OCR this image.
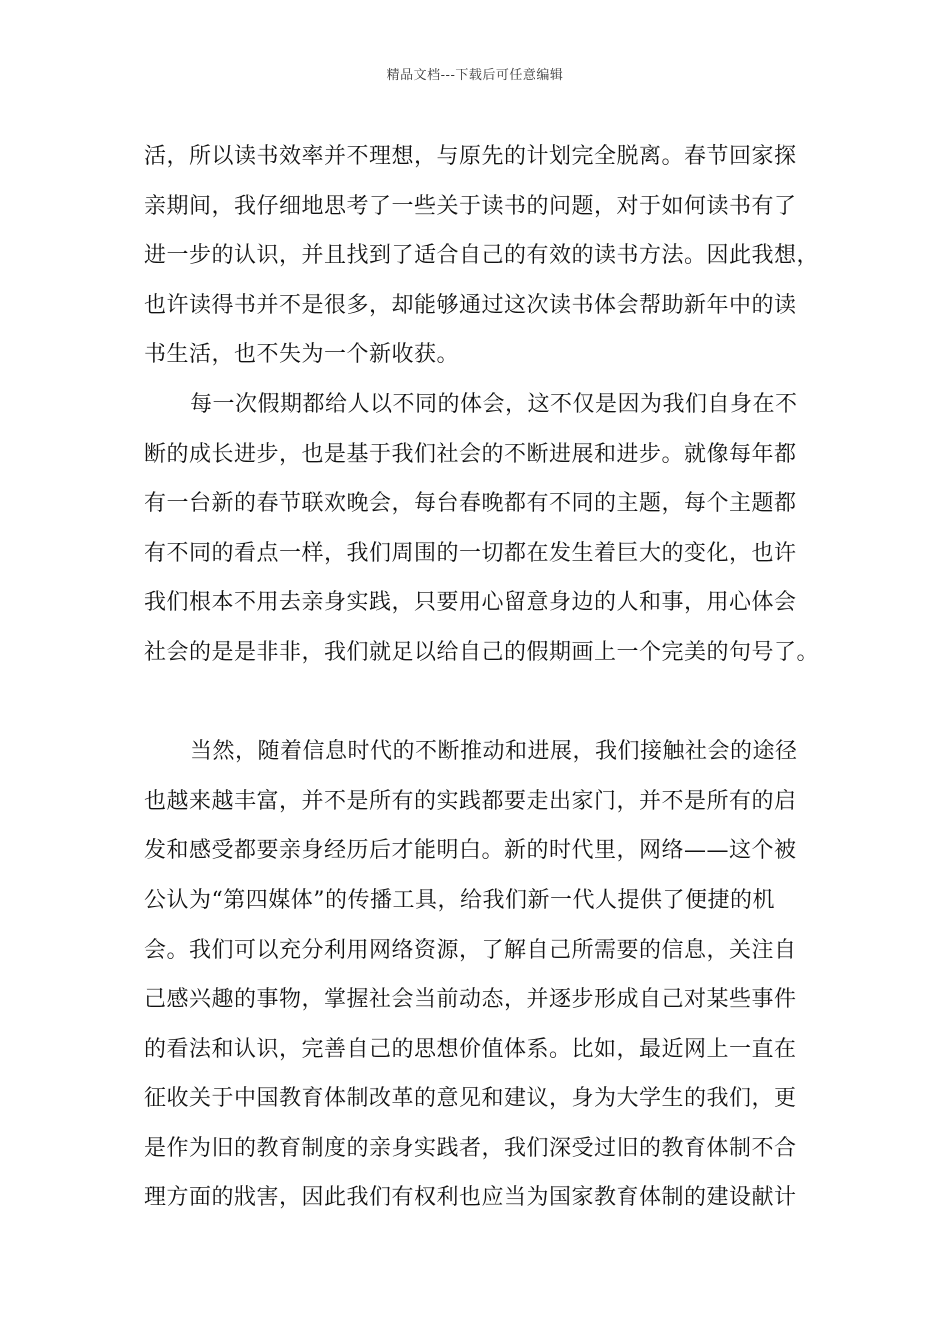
精品文档---下载后可任意编辑
活，所以读书效率并不理想，与原先的计划完全脱离。春节回家探
亲期间，我仔细地思考了一些关于读书的问题，对于如何读书有了
进一步的认识，并且找到了适合自己的有效的读书方法。因此我想，
也许读得书并不是很多，却能够通过这次读书体会帮助新年中的读
书生活，也不失为一个新收获。
每一次假期都给人以不同的体会，这不仅是因为我们自身在不
断的成长进步，也是基于我们社会的不断进展和进步。就像每年都
有一台新的春节联欢晚会，每台春晚都有不同的主题，每个主题都
有不同的看点一样，我们周围的一切都在发生着巨大的变化，也许
我们根本不用去亲身实践，只要用心留意身边的人和事，用心体会
社会的是是非非，我们就足以给自己的假期画上一个完美的句号了。
当然，随着信息时代的不断推动和进展，我们接触社会的途径
也越来越丰富，并不是所有的实践都要走出家门，并不是所有的启
发和感受都要亲身经历后才能明白。新的时代里，网络——这个被
公认为“第四媒体”的传播工具，给我们新一代人提供了便捷的机
会。我们可以充分利用网络资源，了解自己所需要的信息，关注自
己感兴趣的事物，掌握社会当前动态，并逐步形成自己对某些事件
的看法和认识，完善自己的思想价值体系。比如，最近网上一直在
征收关于中国教育体制改革的意见和建议，身为大学生的我们，更
是作为旧的教育制度的亲身实践者，我们深受过旧的教育体制不合
理方面的戕害，因此我们有权利也应当为国家教育体制的建设献计
